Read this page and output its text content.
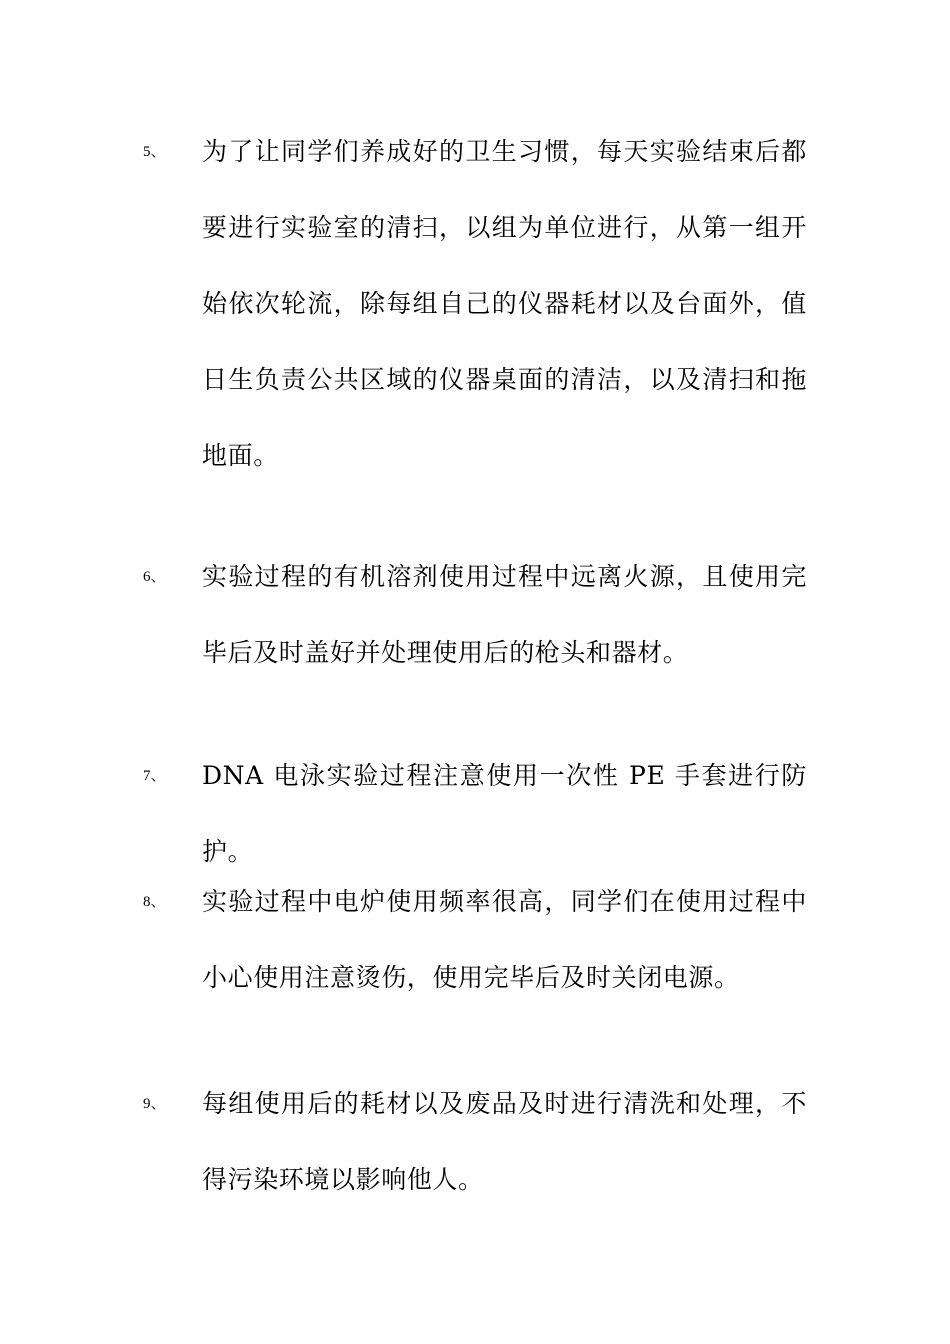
5、 为了让同学们养成好的卫生习惯，每天实验结束后都要进行实验室的清扫，以组为单位进行，从第一组开始依次轮流，除每组自己的仪器耗材以及台面外，值日生负责公共区域的仪器桌面的清洁，以及清扫和拖地面。
6、 实验过程的有机溶剂使用过程中远离火源，且使用完毕后及时盖好并处理使用后的枪头和器材。
7、 DNA 电泳实验过程注意使用一次性 PE 手套进行防护。
8、 实验过程中电炉使用频率很高，同学们在使用过程中小心使用注意烫伤，使用完毕后及时关闭电源。
9、 每组使用后的耗材以及废品及时进行清洗和处理，不得污染环境以影响他人。
